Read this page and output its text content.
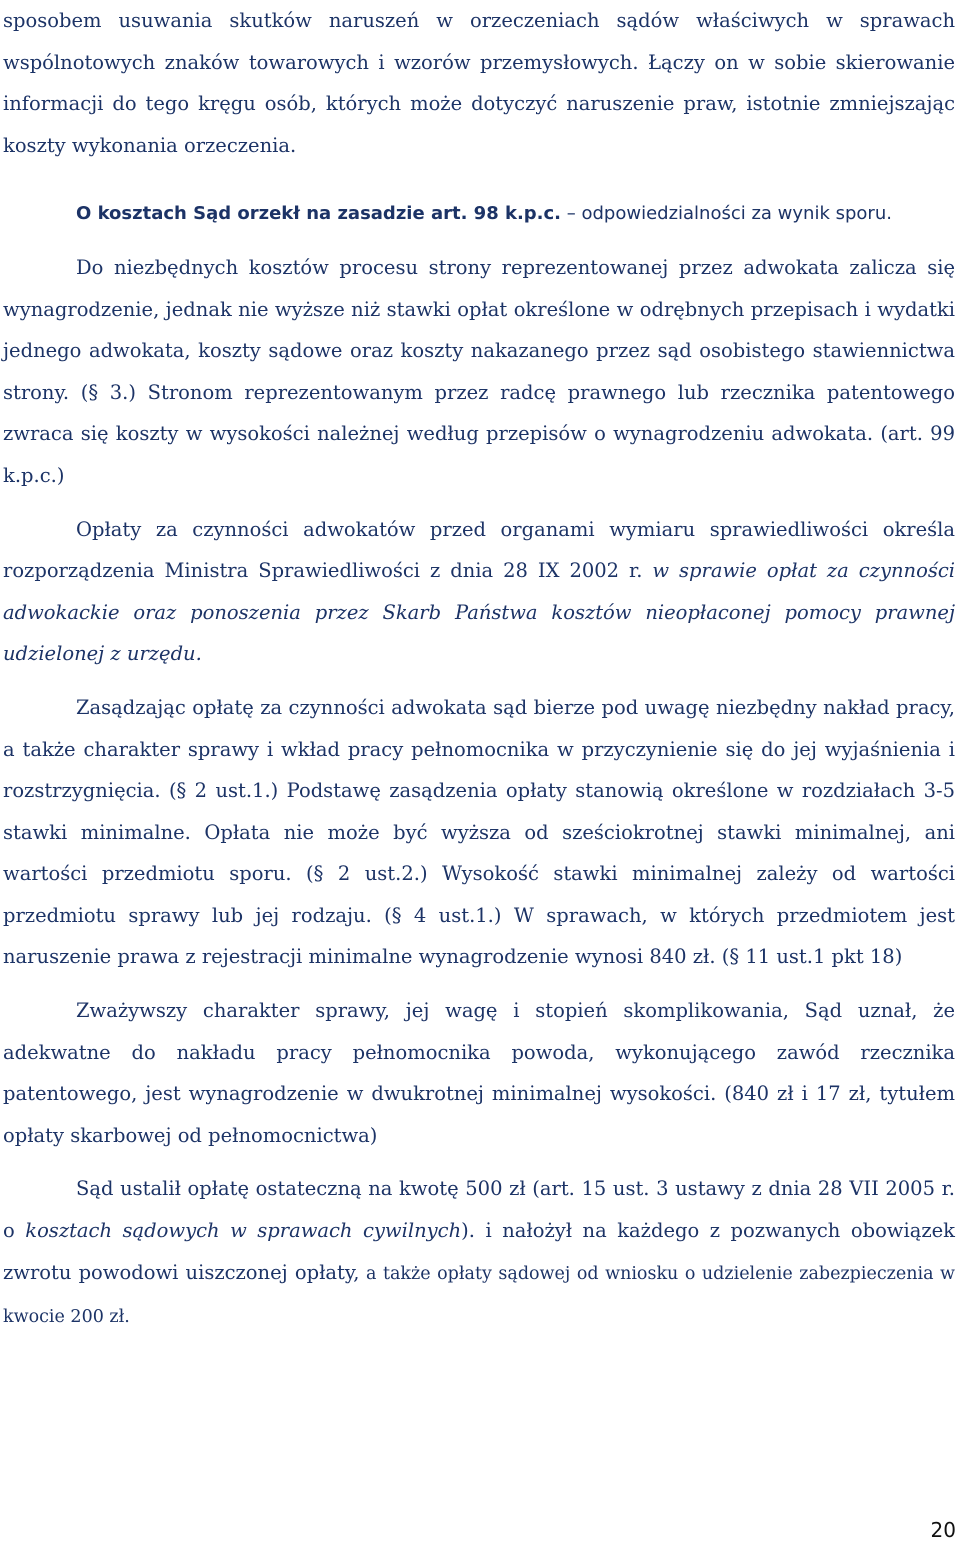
sposobem usuwania skutków naruszeń w orzeczeniach sądów właściwych w sprawach wspólnotowych znaków towarowych i wzorów przemysłowych. Łączy on w sobie skierowanie informacji do tego kręgu osób, których może dotyczyć naruszenie praw, istotnie zmniejszając koszty wykonania orzeczenia.

O kosztach Sąd orzekł na zasadzie art. 98 k.p.c. – odpowiedzialności za wynik sporu.

Do niezbędnych kosztów procesu strony reprezentowanej przez adwokata zalicza się wynagrodzenie, jednak nie wyższe niż stawki opłat określone w odrębnych przepisach i wydatki jednego adwokata, koszty sądowe oraz koszty nakazanego przez sąd osobistego stawiennictwa strony. (§ 3.) Stronom reprezentowanym przez radcę prawnego lub rzecznika patentowego zwraca się koszty w wysokości należnej według przepisów o wynagrodzeniu adwokata. (art. 99 k.p.c.)

Opłaty za czynności adwokatów przed organami wymiaru sprawiedliwości określa rozporządzenia Ministra Sprawiedliwości z dnia 28 IX 2002 r. w sprawie opłat za czynności adwokackie oraz ponoszenia przez Skarb Państwa kosztów nieopłaconej pomocy prawnej udzielonej z urzędu.

Zasądzając opłatę za czynności adwokata sąd bierze pod uwagę niezbędny nakład pracy, a także charakter sprawy i wkład pracy pełnomocnika w przyczynienie się do jej wyjaśnienia i rozstrzygnięcia. (§ 2 ust.1.) Podstawę zasądzenia opłaty stanowią określone w rozdziałach 3-5 stawki minimalne. Opłata nie może być wyższa od sześciokrotnej stawki minimalnej, ani wartości przedmiotu sporu. (§ 2 ust.2.) Wysokość stawki minimalnej zależy od wartości przedmiotu sprawy lub jej rodzaju. (§ 4 ust.1.) W sprawach, w których przedmiotem jest naruszenie prawa z rejestracji minimalne wynagrodzenie wynosi 840 zł. (§ 11 ust.1 pkt 18)

Zważywszy charakter sprawy, jej wagę i stopień skomplikowania, Sąd uznał, że adekwatne do nakładu pracy pełnomocnika powoda, wykonującego zawód rzecznika patentowego, jest wynagrodzenie w dwukrotnej minimalnej wysokości. (840 zł i 17 zł, tytułem opłaty skarbowej od pełnomocnictwa)

Sąd ustalił opłatę ostateczną na kwotę 500 zł (art. 15 ust. 3 ustawy z dnia 28 VII 2005 r. o kosztach sądowych w sprawach cywilnych). i nałożył na każdego z pozwanych obowiązek zwrotu powodowi uiszczonej opłaty, a także opłaty sądowej od wniosku o udzielenie zabezpieczenia w kwocie 200 zł.

20
